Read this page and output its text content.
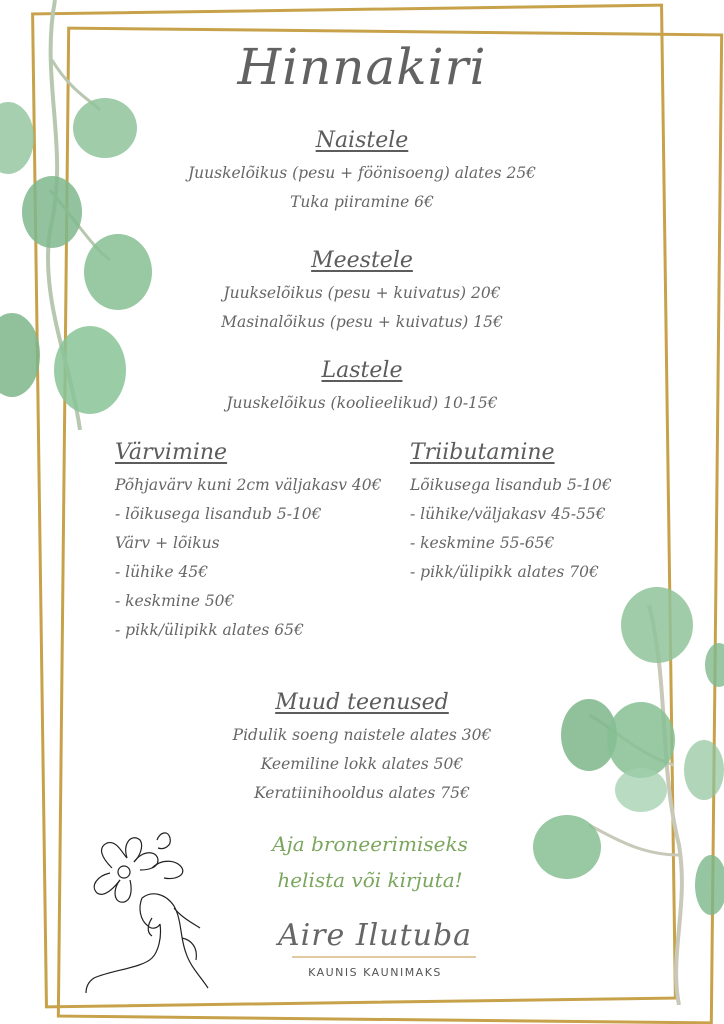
Hinnakiri
Naistele
Juuskelõikus (pesu + föönisoeng) alates 25€
Tuka piiramine 6€
Meestele
Juukselõikus (pesu + kuivatus) 20€
Masinalõikus (pesu + kuivatus) 15€
Lastele
Juuskelõikus (koolieelikud) 10-15€
Värvimine
Põhjavärv kuni 2cm väljakasv 40€
- lõikusega lisandub 5-10€
Värv + lõikus
- lühike 45€
- keskmine 50€
- pikk/ülipikk alates 65€
Triibutamine
Lõikusega lisandub 5-10€
- lühike/väljakasv 45-55€
- keskmine 55-65€
- pikk/ülipikk alates 70€
Muud teenused
Pidulik soeng naistele alates 30€
Keemiline lokk alates 50€
Keratiinihooldus alates 75€
Aja broneerimiseks
helista või kirjuta!
Aire Ilutuba
KAUNIS KAUNIMAKS
